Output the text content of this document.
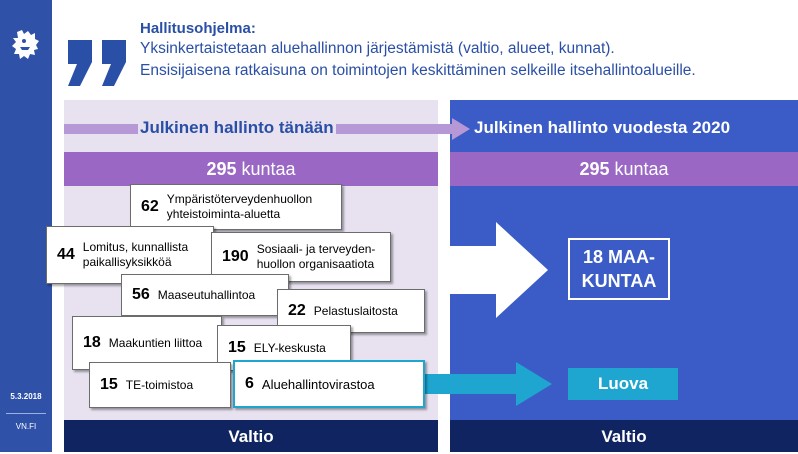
5.3.2018
VN.FI
Hallitusohjelma:
Yksinkertaistetaan aluehallinnon järjestämistä (valtio, alueet, kunnat).
Ensisijaisena ratkaisuna on toimintojen keskittäminen selkeille itsehallintoalueille.
Julkinen hallinto tänään	Julkinen hallinto vuodesta 2020
295 kuntaa	295 kuntaa
62 Ympäristöterveydenhuollon yhteistoiminta-aluetta
44 Lomitus, kunnallista paikallisyksikköä	190 Sosiaali- ja terveyden-huollon organisaatiota
56 Maaseutuhallintoa
22 Pelastuslaitosta
18 Maakuntien liittoa 15 ELY-keskusta
15 TE-toimistoa	6 Aluehallintovirastoa
18 MAA-
KUNTAA
Luova
Valtio	Valtio
